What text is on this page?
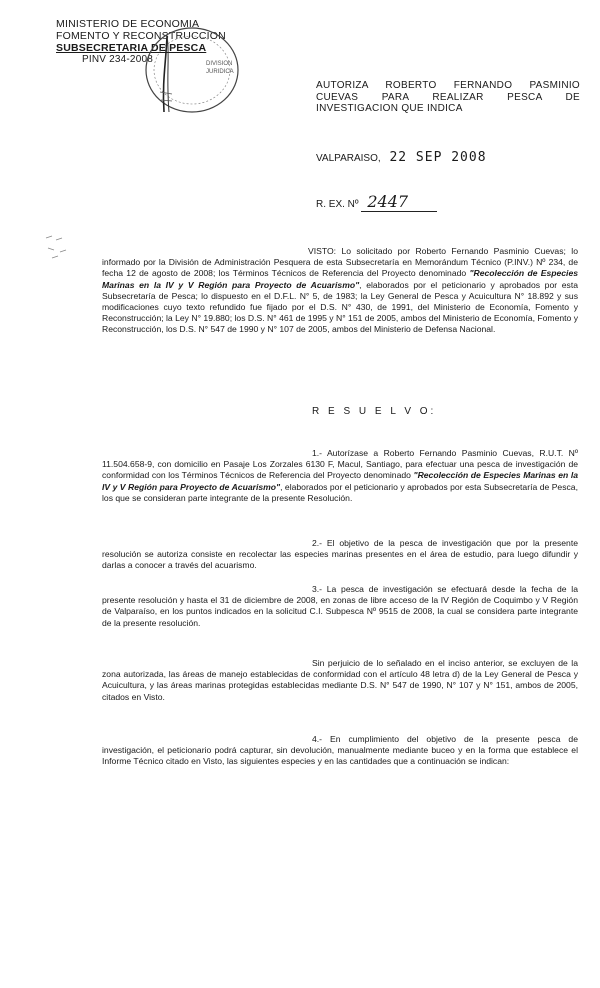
MINISTERIO DE ECONOMIA
FOMENTO Y RECONSTRUCCION
SUBSECRETARIA DE PESCA
PINV 234-2008	DIVISION
JURIDICA
AUTORIZA ROBERTO FERNANDO PASMINIO CUEVAS PARA REALIZAR PESCA DE INVESTIGACION QUE INDICA
VALPARAISO, 22 SEP 2008
R. EX. Nº 2447
VISTO: Lo solicitado por Roberto Fernando Pasminio Cuevas; lo informado por la División de Administración Pesquera de esta Subsecretaría en Memorándum Técnico (P.INV.) Nº 234, de fecha 12 de agosto de 2008; los Términos Técnicos de Referencia del Proyecto denominado "Recolección de Especies Marinas en la IV y V Región para Proyecto de Acuarismo", elaborados por el peticionario y aprobados por esta Subsecretaría de Pesca; lo dispuesto en el D.F.L. N° 5, de 1983; la Ley General de Pesca y Acuicultura N° 18.892 y sus modificaciones cuyo texto refundido fue fijado por el D.S. N° 430, de 1991, del Ministerio de Economía, Fomento y Reconstrucción; la Ley N° 19.880; los D.S. N° 461 de 1995 y N° 151 de 2005, ambos del Ministerio de Economía, Fomento y Reconstrucción, los D.S. N° 547 de 1990 y N° 107 de 2005, ambos del Ministerio de Defensa Nacional.
R E S U E L V O:
1.- Autorízase a Roberto Fernando Pasminio Cuevas, R.U.T. Nº 11.504.658-9, con domicilio en Pasaje Los Zorzales 6130 F, Macul, Santiago, para efectuar una pesca de investigación de conformidad con los Términos Técnicos de Referencia del Proyecto denominado "Recolección de Especies Marinas en la IV y V Región para Proyecto de Acuarismo", elaborados por el peticionario y aprobados por esta Subsecretaría de Pesca, los que se consideran parte integrante de la presente Resolución.
2.- El objetivo de la pesca de investigación que por la presente resolución se autoriza consiste en recolectar las especies marinas presentes en el área de estudio, para luego difundir y darlas a conocer a través del acuarismo.
3.- La pesca de investigación se efectuará desde la fecha de la presente resolución y hasta el 31 de diciembre de 2008, en zonas de libre acceso de la IV Región de Coquimbo y V Región de Valparaíso, en los puntos indicados en la solicitud C.I. Subpesca Nº 9515 de 2008, la cual se considera parte integrante de la presente resolución.
Sin perjuicio de lo señalado en el inciso anterior, se excluyen de la zona autorizada, las áreas de manejo establecidas de conformidad con el artículo 48 letra d) de la Ley General de Pesca y Acuicultura, y las áreas marinas protegidas establecidas mediante D.S. N° 547 de 1990, N° 107 y N° 151, ambos de 2005, citados en Visto.
4.- En cumplimiento del objetivo de la presente pesca de investigación, el peticionario podrá capturar, sin devolución, manualmente mediante buceo y en la forma que establece el Informe Técnico citado en Visto, las siguientes especies y en las cantidades que a continuación se indican:
